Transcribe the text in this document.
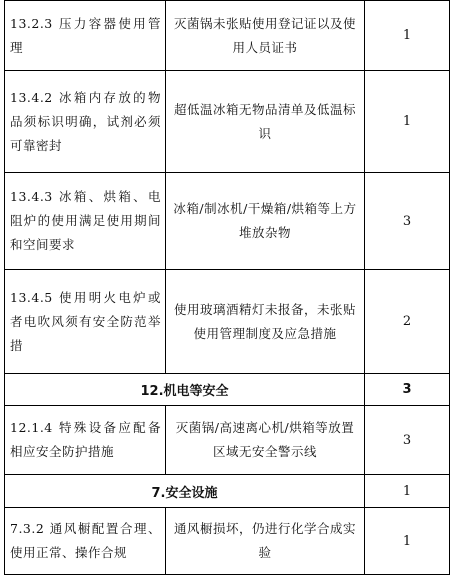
13.2.3 压力容器使用管理	灭菌锅未张贴使用登记证以及使用人员证书	1
13.4.2 冰箱内存放的物品须标识明确，试剂必须可靠密封	超低温冰箱无物品清单及低温标识	1
13.4.3 冰箱、烘箱、电阻炉的使用满足使用期间和空间要求	冰箱/制冰机/干燥箱/烘箱等上方堆放杂物	3
13.4.5 使用明火电炉或者电吹风须有安全防范举措	使用玻璃酒精灯未报备，未张贴使用管理制度及应急措施	2
12.机电等安全		3
12.1.4 特殊设备应配备相应安全防护措施	灭菌锅/高速离心机/烘箱等放置区域无安全警示线	3
7.安全设施		1
7.3.2 通风橱配置合理、使用正常、操作合规	通风橱损坏，仍进行化学合成实验	1
